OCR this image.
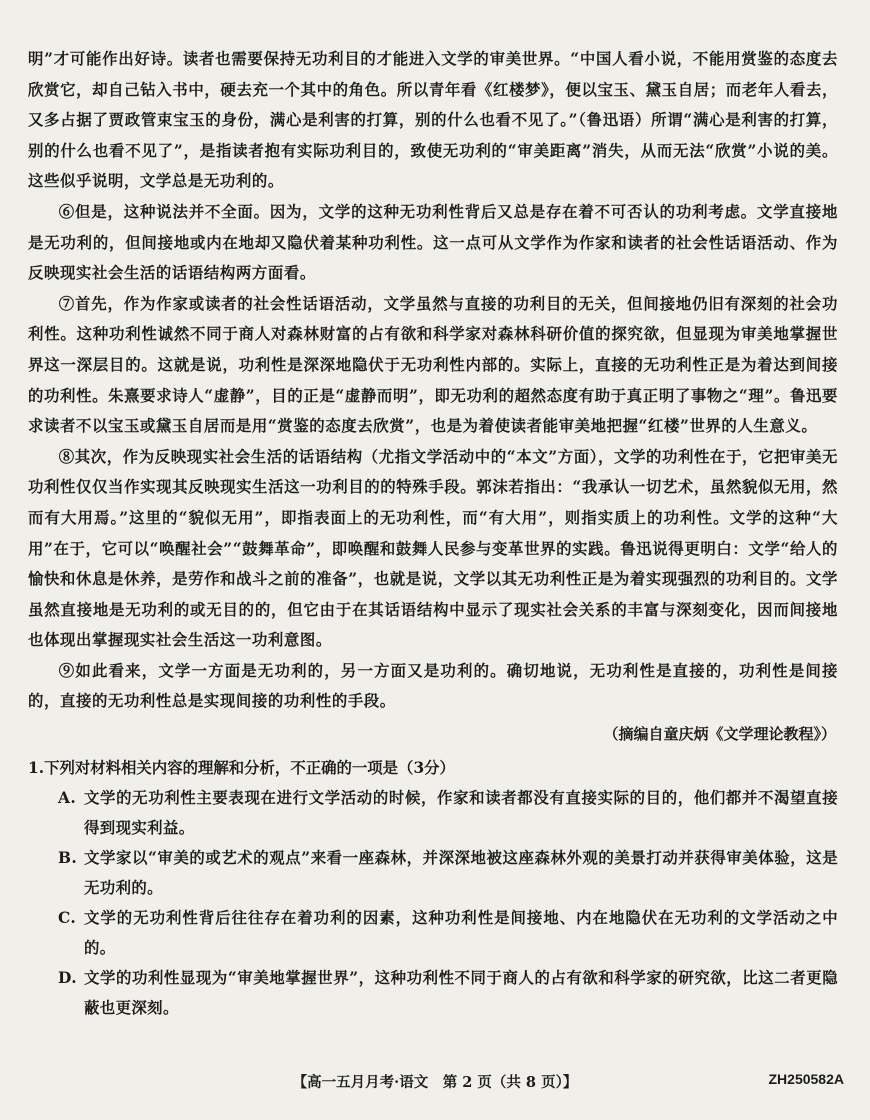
明”才可能作出好诗。读者也需要保持无功利目的才能进入文学的审美世界。“中国人看小说，不能用赏鉴的态度去欣赏它，却自己钻入书中，硬去充一个其中的角色。所以青年看《红楼梦》，便以宝玉、黛玉自居；而老年人看去，又多占据了贾政管束宝玉的身份，满心是利害的打算，别的什么也看不见了。”（鲁迅语）所谓“满心是利害的打算，别的什么也看不见了”，是指读者抱有实际功利目的，致使无功利的“审美距离”消失，从而无法“欣赏”小说的美。这些似乎说明，文学总是无功利的。

⑥但是，这种说法并不全面。因为，文学的这种无功利性背后又总是存在着不可否认的功利考虑。文学直接地是无功利的，但间接地或内在地却又隐伏着某种功利性。这一点可从文学作为作家和读者的社会性话语活动、作为反映现实社会生活的话语结构两方面看。

⑦首先，作为作家或读者的社会性话语活动，文学虽然与直接的功利目的无关，但间接地仍旧有深刻的社会功利性。这种功利性诚然不同于商人对森林财富的占有欲和科学家对森林科研价值的探究欲，但显现为审美地掌握世界这一深层目的。这就是说，功利性是深深地隐伏于无功利性内部的。实际上，直接的无功利性正是为着达到间接的功利性。朱熹要求诗人“虚静”，目的正是“虚静而明”，即无功利的超然态度有助于真正明了事物之“理”。鲁迅要求读者不以宝玉或黛玉自居而是用“赏鉴的态度去欣赏”，也是为着使读者能审美地把握“红楼”世界的人生意义。

⑧其次，作为反映现实社会生活的话语结构（尤指文学活动中的“本文”方面），文学的功利性在于，它把审美无功利性仅仅当作实现其反映现实生活这一功利目的的特殊手段。郭沫若指出：“我承认一切艺术，虽然貌似无用，然而有大用焉。”这里的“貌似无用”，即指表面上的无功利性，而“有大用”，则指实质上的功利性。文学的这种“大用”在于，它可以“唤醒社会”“鼓舞革命”，即唤醒和鼓舞人民参与变革世界的实践。鲁迅说得更明白：文学“给人的愉快和休息是休养，是劳作和战斗之前的准备”，也就是说，文学以其无功利性正是为着实现强烈的功利目的。文学虽然直接地是无功利的或无目的的，但它由于在其话语结构中显示了现实社会关系的丰富与深刻变化，因而间接地也体现出掌握现实社会生活这一功利意图。

⑨如此看来，文学一方面是无功利的，另一方面又是功利的。确切地说，无功利性是直接的，功利性是间接的，直接的无功利性总是实现间接的功利性的手段。

（摘编自童庆炳《文学理论教程》）

1.下列对材料相关内容的理解和分析，不正确的一项是（3分）

A. 文学的无功利性主要表现在进行文学活动的时候，作家和读者都没有直接实际的目的，他们都并不渴望直接得到现实利益。
B. 文学家以“审美的或艺术的观点”来看一座森林，并深深地被这座森林外观的美景打动并获得审美体验，这是无功利的。
C. 文学的无功利性背后往往存在着功利的因素，这种功利性是间接地、内在地隐伏在无功利的文学活动之中的。
D. 文学的功利性显现为“审美地掌握世界”，这种功利性不同于商人的占有欲和科学家的研究欲，比这二者更隐蔽也更深刻。
【高一五月月考·语文　第 2 页（共 8 页）】	ZH250582A
